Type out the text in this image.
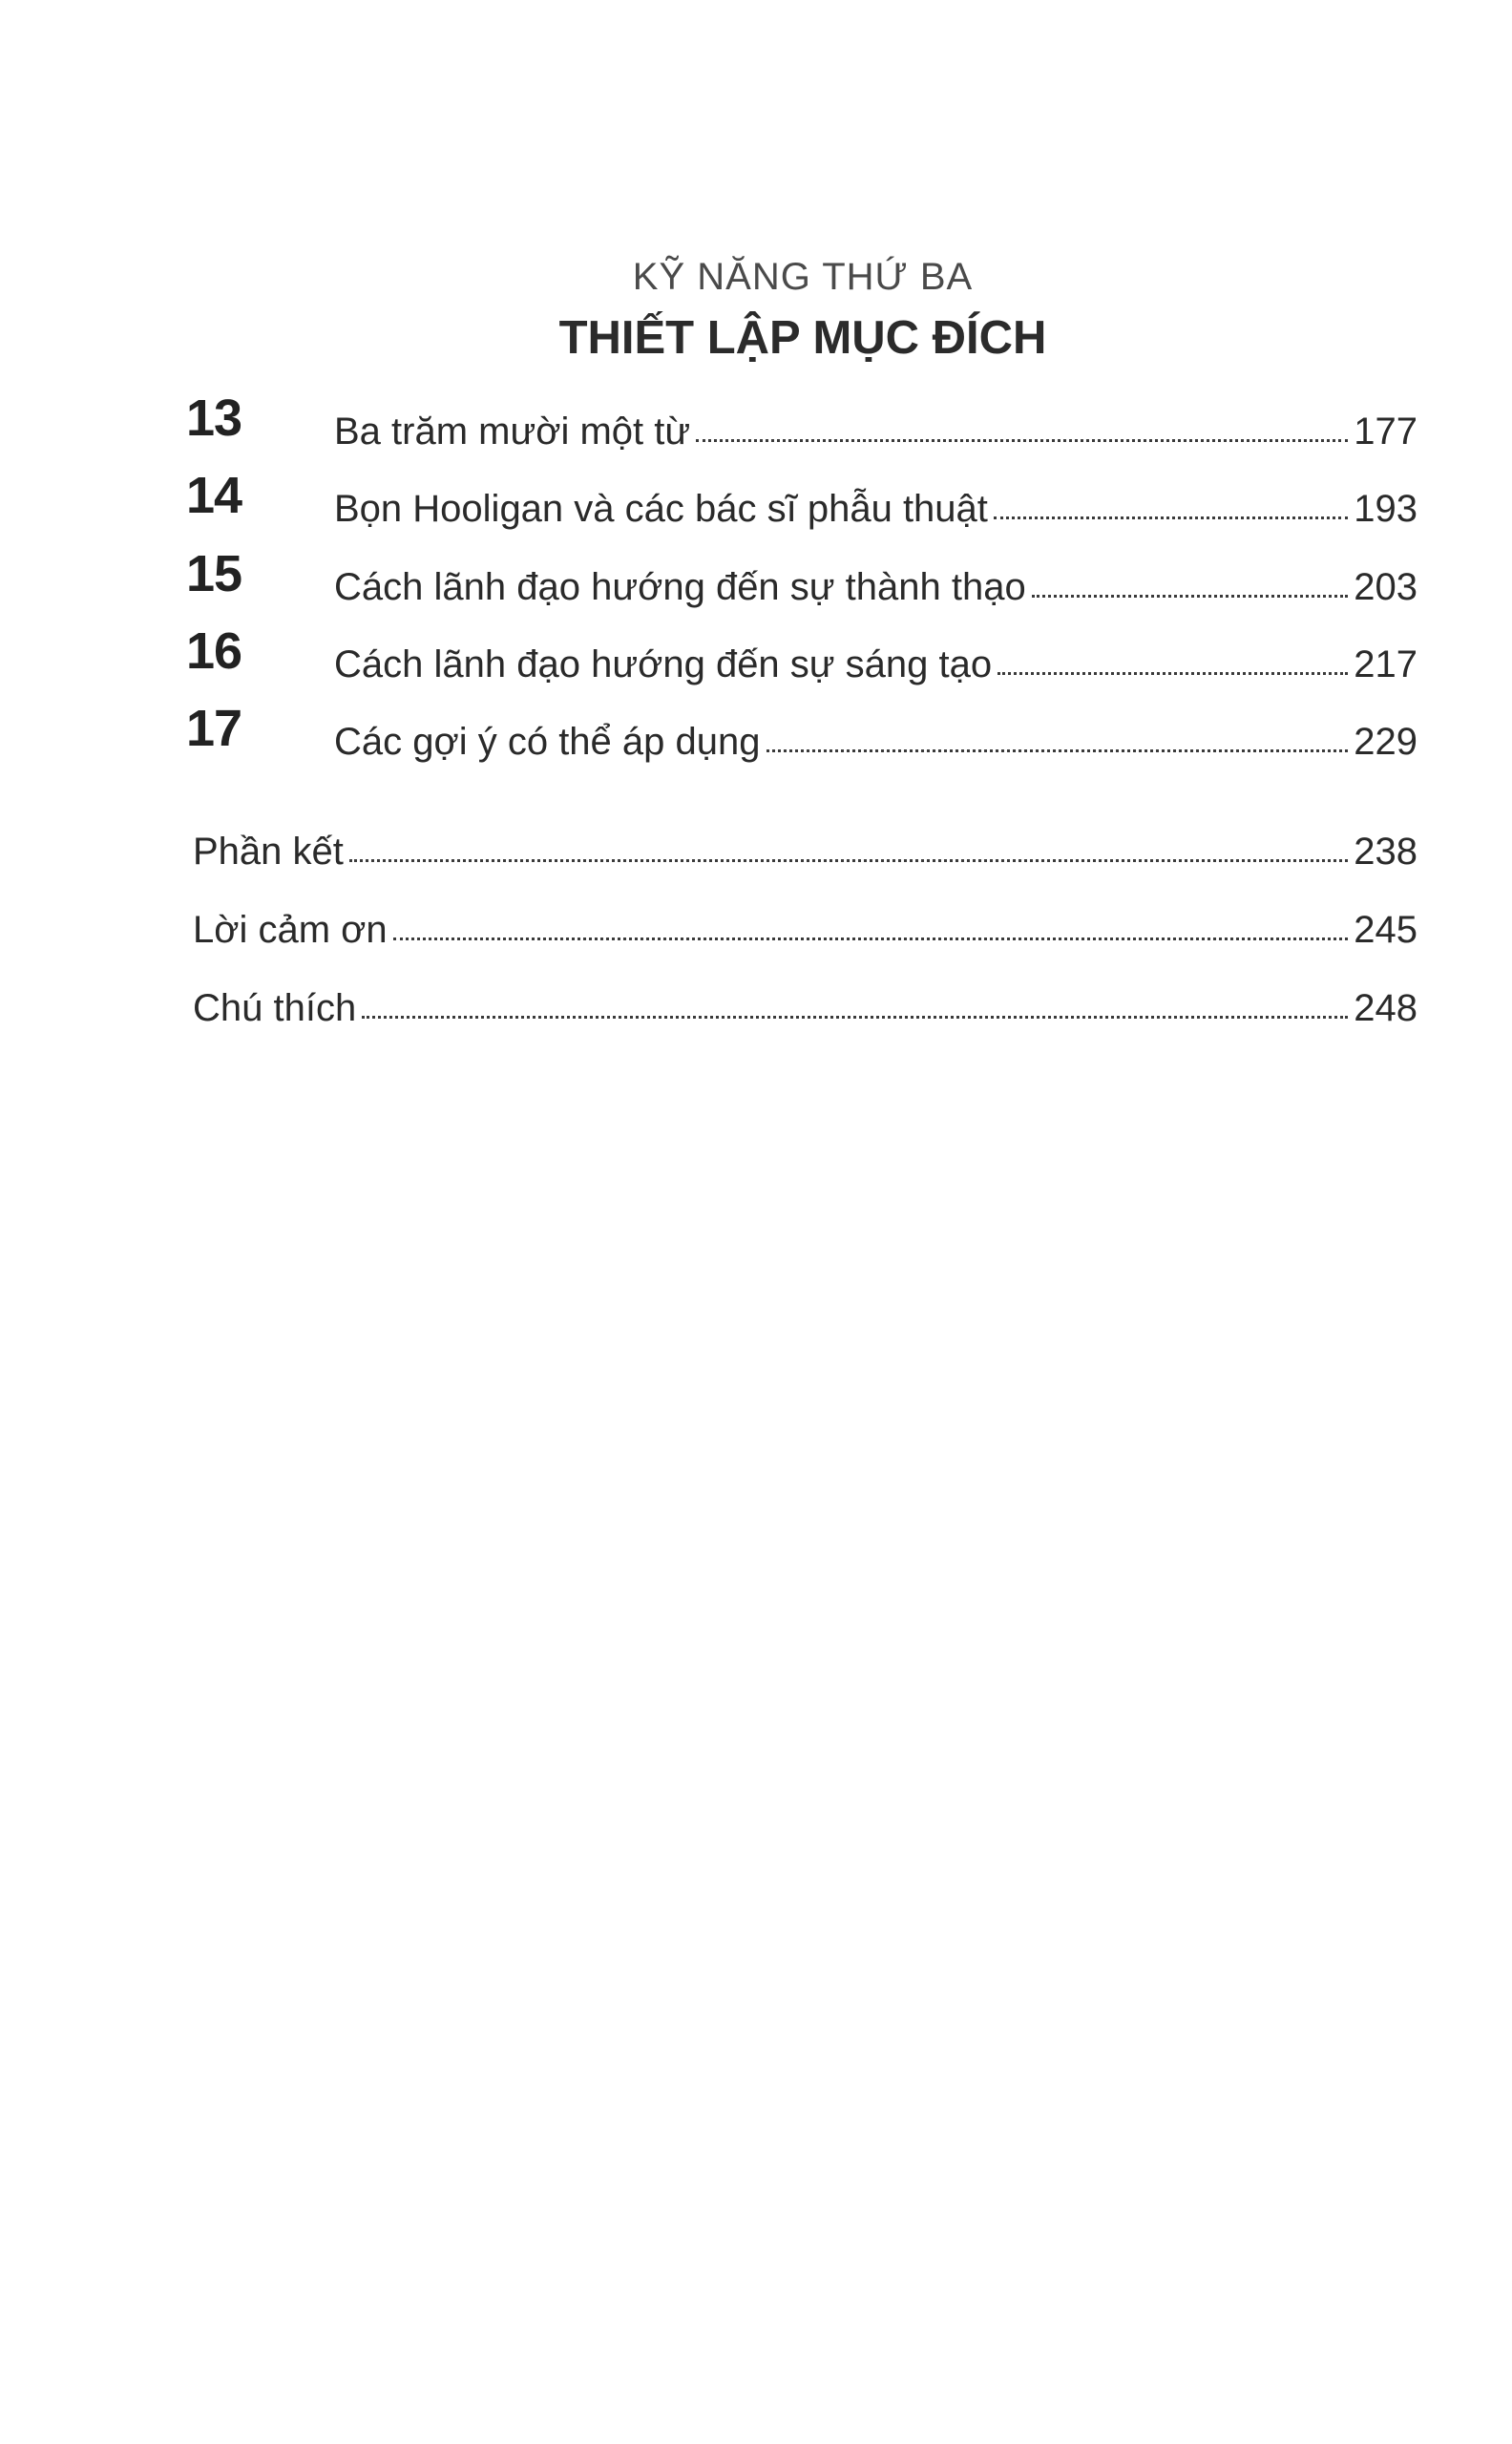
KỸ NĂNG THỨ BA
THIẾT LẬP MỤC ĐÍCH
13 Ba trăm mười một từ	177
14 Bọn Hooligan và các bác sĩ phẫu thuật	193
15 Cách lãnh đạo hướng đến sự thành thạo	203
16 Cách lãnh đạo hướng đến sự sáng tạo	217
17 Các gợi ý có thể áp dụng	229
Phần kết	238
Lời cảm ơn	245
Chú thích	248
